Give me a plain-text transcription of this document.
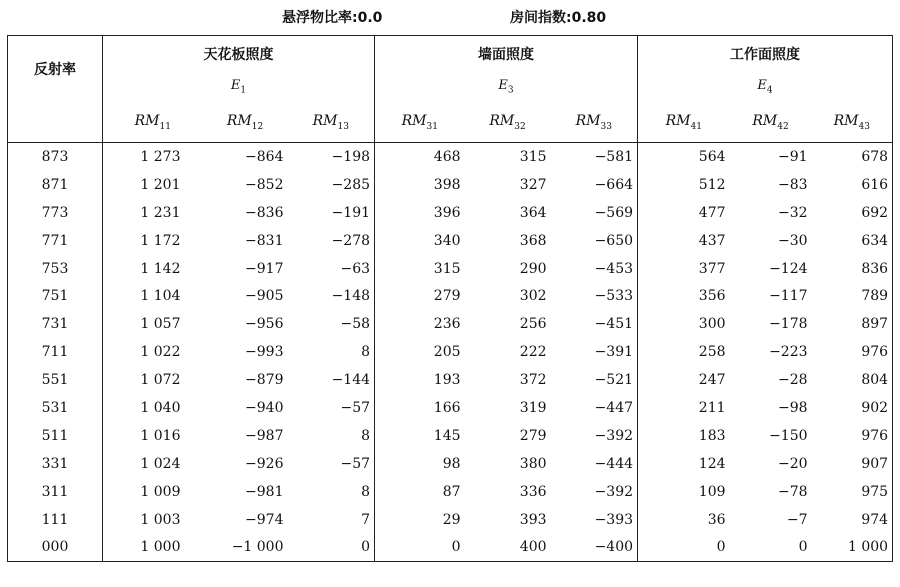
悬浮物比率:0.0	房间指数:0.80
反射率	天花板照度			墙面照度			工作面照度		
	$E_1$			$E_3$			$E_4$
	$RM_{11}$	$RM_{12}$	$RM_{13}$	$RM_{31}$	$RM_{32}$	$RM_{33}$	$RM_{41}$	$RM_{42}$	$RM_{43}$
873	1 273	−864	−198	468	315	−581	564	−91	678
871	1 201	−852	−285	398	327	−664	512	−83	616
773	1 231	−836	−191	396	364	−569	477	−32	692
771	1 172	−831	−278	340	368	−650	437	−30	634
753	1 142	−917	−63	315	290	−453	377	−124	836
751	1 104	−905	−148	279	302	−533	356	−117	789
731	1 057	−956	−58	236	256	−451	300	−178	897
711	1 022	−993	8	205	222	−391	258	−223	976
551	1 072	−879	−144	193	372	−521	247	−28	804
531	1 040	−940	−57	166	319	−447	211	−98	902
511	1 016	−987	8	145	279	−392	183	−150	976
331	1 024	−926	−57	98	380	−444	124	−20	907
311	1 009	−981	8	87	336	−392	109	−78	975
111	1 003	−974	7	29	393	−393	36	−7	974
000	1 000	−1 000	0	0	400	−400	0	0	1 000
